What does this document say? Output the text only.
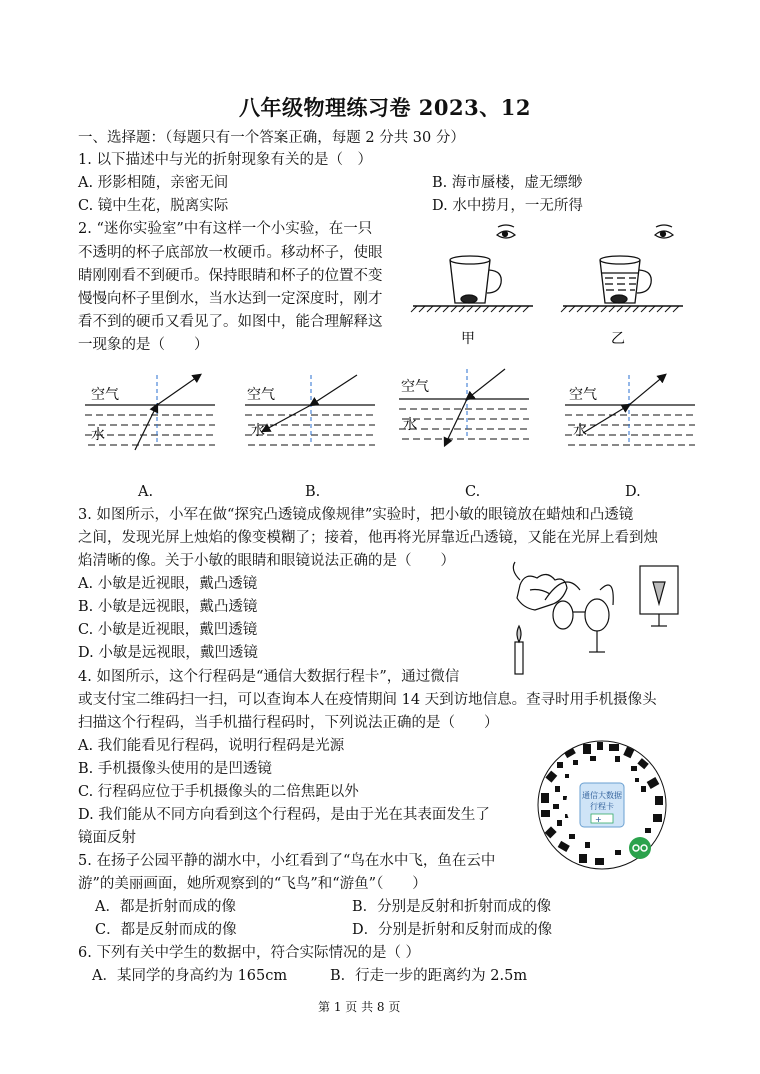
八年级物理练习卷 2023、12
一、选择题：（每题只有一个答案正确，每题 2 分共 30 分）
1. 以下描述中与光的折射现象有关的是（　）
A. 形影相随，亲密无间	B. 海市蜃楼，虚无缥缈
C. 镜中生花，脱离实际	D. 水中捞月，一无所得
2. “迷你实验室”中有这样一个小实验，在一只
不透明的杯子底部放一枚硬币。移动杯子，使眼
睛刚刚看不到硬币。保持眼睛和杯子的位置不变
慢慢向杯子里倒水，当水达到一定深度时，刚才
看不到的硬币又看见了。如图中，能合理解释这
一现象的是（　　）	甲	乙
空气
水
空气
水
空气
水
空气
水
A.	B.	C.	D.
3. 如图所示，小军在做“探究凸透镜成像规律”实验时，把小敏的眼镜放在蜡烛和凸透镜
之间，发现光屏上烛焰的像变模糊了；接着，他再将光屏靠近凸透镜，又能在光屏上看到烛
焰清晰的像。关于小敏的眼睛和眼镜说法正确的是（　　）
A. 小敏是近视眼，戴凸透镜
B. 小敏是远视眼，戴凸透镜
C. 小敏是近视眼，戴凹透镜
D. 小敏是远视眼，戴凹透镜
4. 如图所示，这个行程码是“通信大数据行程卡”，通过微信
或支付宝二维码扫一扫，可以查询本人在疫情期间 14 天到访地信息。查寻时用手机摄像头
扫描这个行程码，当手机描行程码时，下列说法正确的是（　　）
A. 我们能看见行程码，说明行程码是光源
B. 手机摄像头使用的是凹透镜
C. 行程码应位于手机摄像头的二倍焦距以外
D. 我们能从不同方向看到这个行程码，是由于光在其表面发生了
镜面反射
通信大数据
行程卡
+
5. 在扬子公园平静的湖水中，小红看到了“鸟在水中飞，鱼在云中
游”的美丽画面，她所观察到的“飞鸟”和“游鱼”（　　）
A．都是折射而成的像	B．分别是反射和折射而成的像
C．都是反射而成的像	D．分别是折射和反射而成的像
6. 下列有关中学生的数据中，符合实际情况的是（ ）
A．某同学的身高约为 165cm	B．行走一步的距离约为 2.5m
第 1 页 共 8 页
